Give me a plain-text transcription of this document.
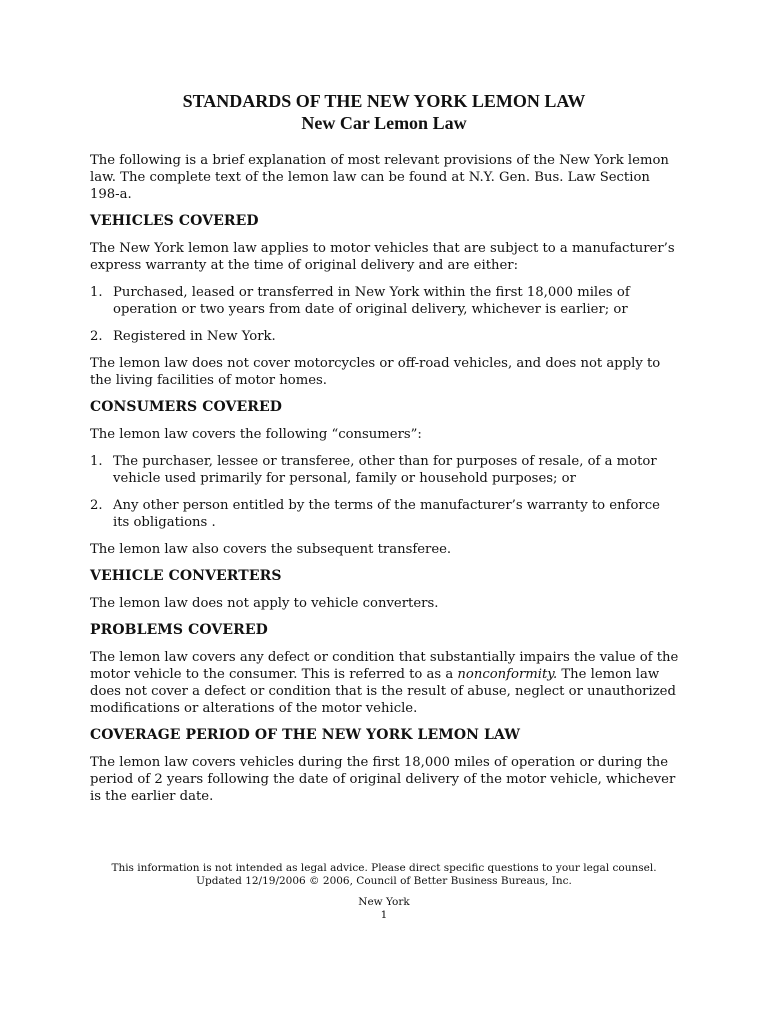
STANDARDS OF THE NEW YORK LEMON LAW
New Car Lemon Law

The following is a brief explanation of most relevant provisions of the New York lemon law. The complete text of the lemon law can be found at N.Y. Gen. Bus. Law Section 198-a.

VEHICLES COVERED

The New York lemon law applies to motor vehicles that are subject to a manufacturer’s express warranty at the time of original delivery and are either:

1. Purchased, leased or transferred in New York within the first 18,000 miles of operation or two years from date of original delivery, whichever is earlier; or
2. Registered in New York.

The lemon law does not cover motorcycles or off-road vehicles, and does not apply to the living facilities of motor homes.

CONSUMERS COVERED

The lemon law covers the following “consumers”:

1. The purchaser, lessee or transferee, other than for purposes of resale, of a motor vehicle used primarily for personal, family or household purposes; or
2. Any other person entitled by the terms of the manufacturer’s warranty to enforce its obligations .

The lemon law also covers the subsequent transferee.

VEHICLE CONVERTERS

The lemon law does not apply to vehicle converters.

PROBLEMS COVERED

The lemon law covers any defect or condition that substantially impairs the value of the motor vehicle to the consumer. This is referred to as a nonconformity. The lemon law does not cover a defect or condition that is the result of abuse, neglect or unauthorized modifications or alterations of the motor vehicle.

COVERAGE PERIOD OF THE NEW YORK LEMON LAW

The lemon law covers vehicles during the first 18,000 miles of operation or during the period of 2 years following the date of original delivery of the motor vehicle, whichever is the earlier date.

This information is not intended as legal advice. Please direct specific questions to your legal counsel.
Updated 12/19/2006 © 2006, Council of Better Business Bureaus, Inc.
New York
1
